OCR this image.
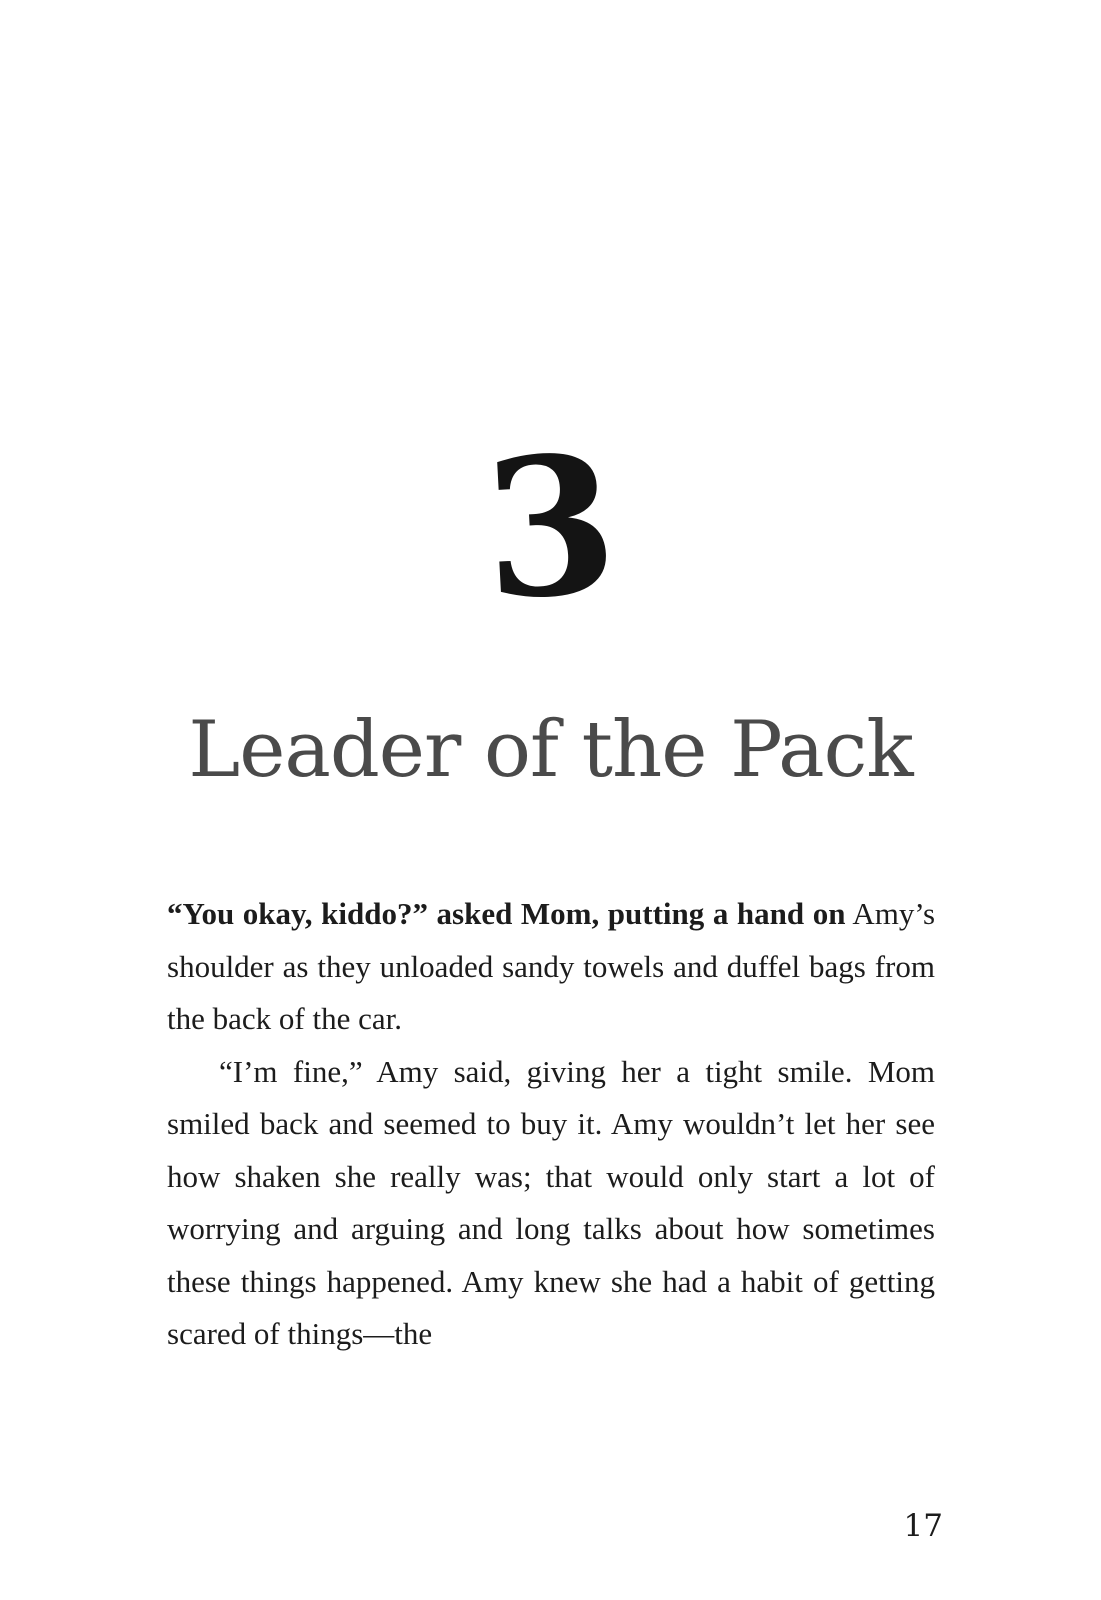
3
Leader of the Pack
“You okay, kiddo?” asked Mom, putting a hand on Amy’s shoulder as they unloaded sandy towels and duffel bags from the back of the car.
“I’m fine,” Amy said, giving her a tight smile. Mom smiled back and seemed to buy it. Amy wouldn’t let her see how shaken she really was; that would only start a lot of worrying and arguing and long talks about how sometimes these things happened. Amy knew she had a habit of getting scared of things—the
17
